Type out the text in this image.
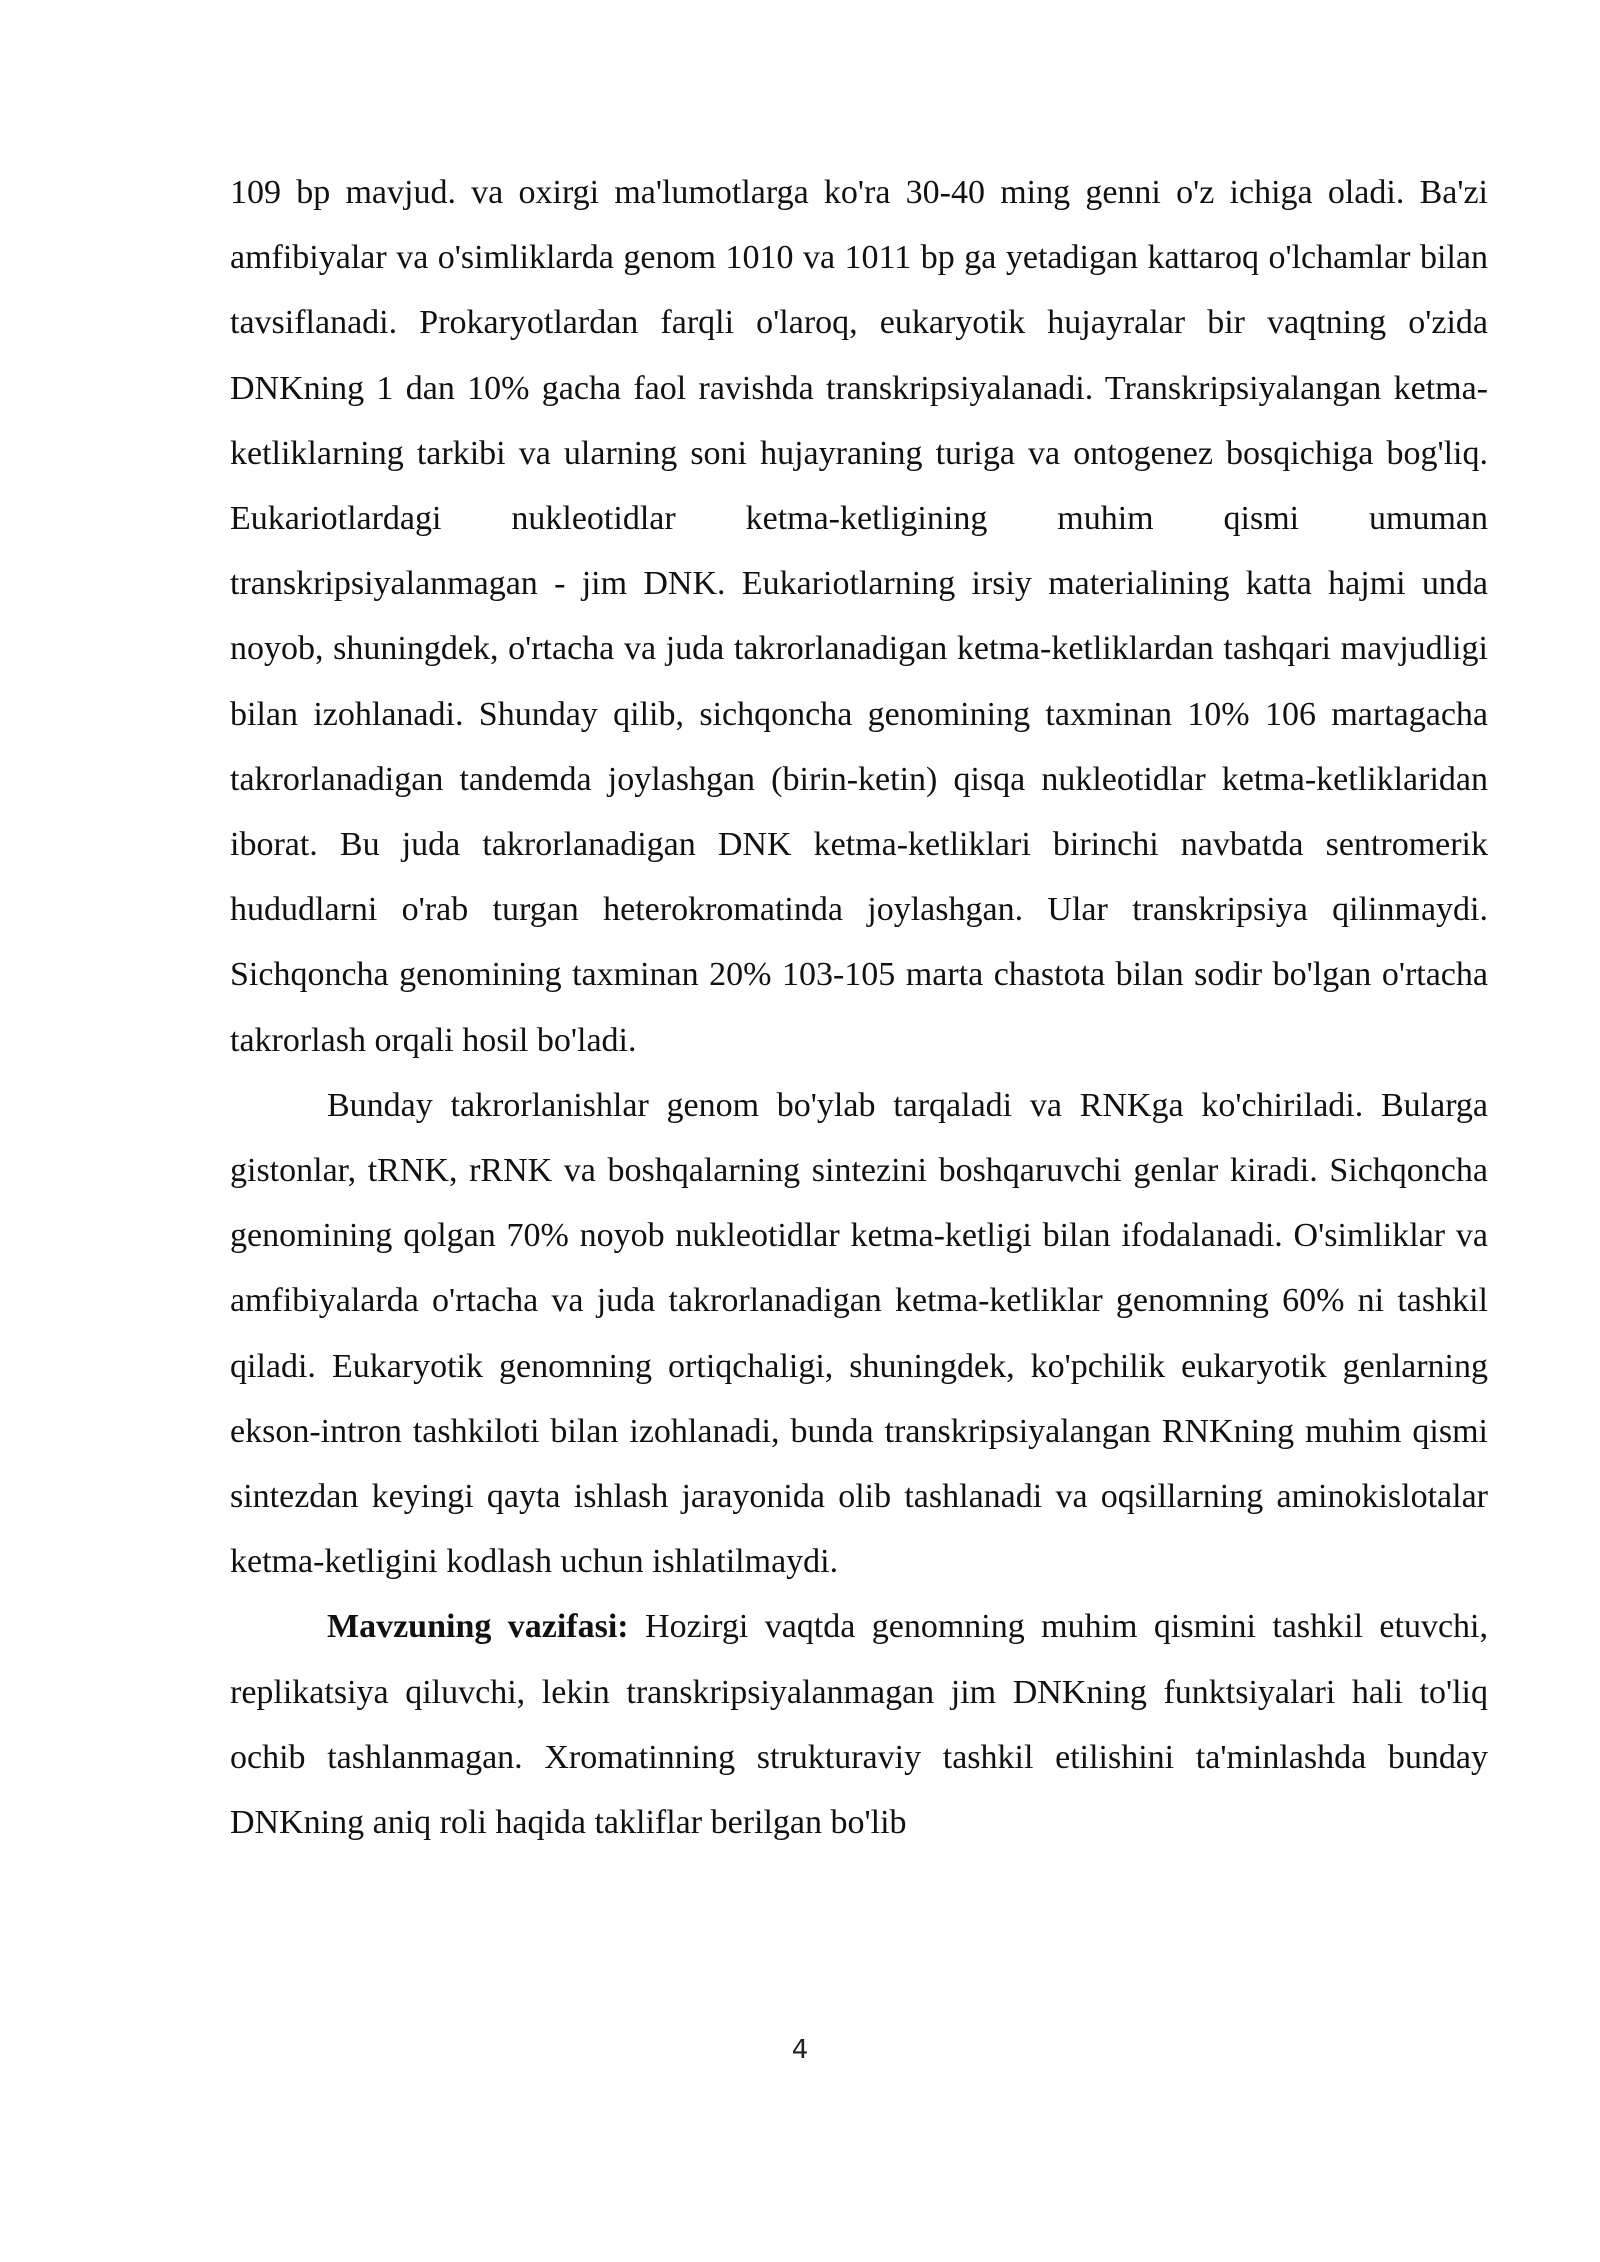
109 bp mavjud. va oxirgi ma'lumotlarga ko'ra 30-40 ming genni o'z ichiga oladi. Ba'zi amfibiyalar va o'simliklarda genom 1010 va 1011 bp ga yetadigan kattaroq o'lchamlar bilan tavsiflanadi. Prokaryotlardan farqli o'laroq, eukaryotik hujayralar bir vaqtning o'zida DNKning 1 dan 10% gacha faol ravishda transkripsiyalanadi. Transkripsiyalangan ketma-ketliklarning tarkibi va ularning soni hujayraning turiga va ontogenez bosqichiga bog'liq. Eukariotlardagi nukleotidlar ketma-ketligining muhim qismi umuman transkripsiyalanmagan - jim DNK. Eukariotlarning irsiy materialining katta hajmi unda noyob, shuningdek, o'rtacha va juda takrorlanadigan ketma-ketliklardan tashqari mavjudligi bilan izohlanadi. Shunday qilib, sichqoncha genomining taxminan 10% 106 martagacha takrorlanadigan tandemda joylashgan (birin-ketin) qisqa nukleotidlar ketma-ketliklaridan iborat. Bu juda takrorlanadigan DNK ketma-ketliklari birinchi navbatda sentromerik hududlarni o'rab turgan heterokromatinda joylashgan. Ular transkripsiya qilinmaydi. Sichqoncha genomining taxminan 20% 103-105 marta chastota bilan sodir bo'lgan o'rtacha takrorlash orqali hosil bo'ladi.

Bunday takrorlanishlar genom bo'ylab tarqaladi va RNKga ko'chiriladi. Bularga gistonlar, tRNK, rRNK va boshqalarning sintezini boshqaruvchi genlar kiradi. Sichqoncha genomining qolgan 70% noyob nukleotidlar ketma-ketligi bilan ifodalanadi. O'simliklar va amfibiyalarda o'rtacha va juda takrorlanadigan ketma-ketliklar genomning 60% ni tashkil qiladi. Eukaryotik genomning ortiqchaligi, shuningdek, ko'pchilik eukaryotik genlarning ekson-intron tashkiloti bilan izohlanadi, bunda transkripsiyalangan RNKning muhim qismi sintezdan keyingi qayta ishlash jarayonida olib tashlanadi va oqsillarning aminokislotalar ketma-ketligini kodlash uchun ishlatilmaydi.

Mavzuning vazifasi: Hozirgi vaqtda genomning muhim qismini tashkil etuvchi, replikatsiya qiluvchi, lekin transkripsiyalanmagan jim DNKning funktsiyalari hali to'liq ochib tashlanmagan. Xromatinning strukturaviy tashkil etilishini ta'minlashda bunday DNKning aniq roli haqida takliflar berilgan bo'lib

4
